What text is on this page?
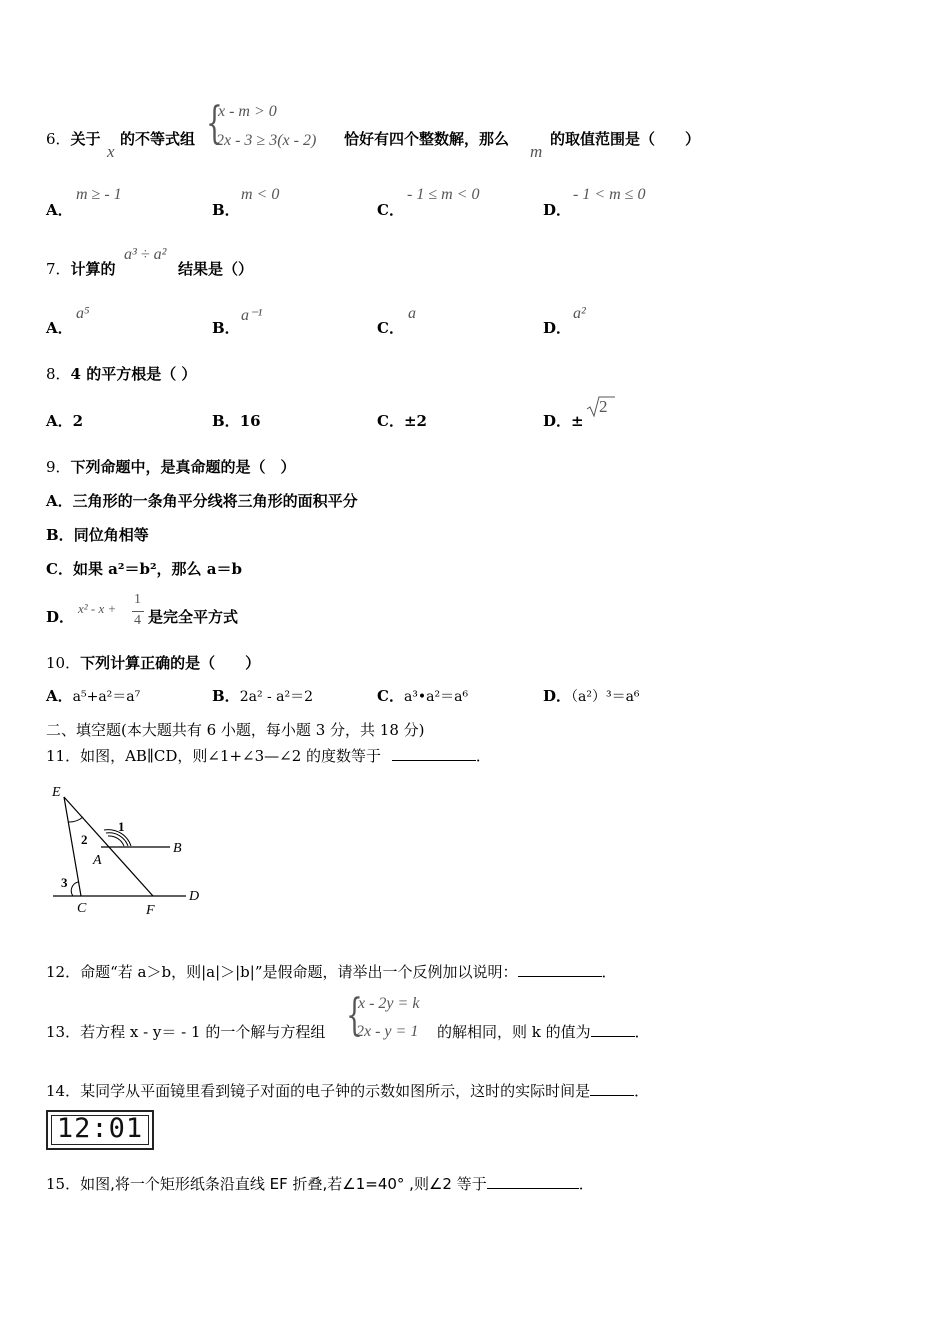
6．关于
x
的不等式组 {
x - m > 0
2x - 3 ≥ 3(x - 2) 恰好有四个整数解，那么
m
的取值范围是（　　）
A．
m ≥ - 1
B．
m < 0
C．
- 1 ≤ m < 0
D．
- 1 < m ≤ 0
7．计算的
a³ ÷ a²
结果是（）
A．
a⁵
B．
a⁻¹
C．
a
D．
a²
8．4 的平方根是（ ）
A．2	B．16	C．±2	D．±
2
9．下列命题中，是真命题的是（　）
A．三角形的一条角平分线将三角形的面积平分
B．同位角相等
C．如果 a²＝b²，那么 a＝b
D． x² - x +
1
4 是完全平方式
10．下列计算正确的是（　　）
A．a⁵+a²＝a⁷	B．2a² - a²＝2	C．a³•a²＝a⁶	D．（a²）³＝a⁶
二、填空题(本大题共有 6 小题，每小题 3 分，共 18 分)
11．如图，AB∥CD，则∠1+∠3—∠2 的度数等于	．
E
2
1
B
A
3
C	F
D
12．命题“若 a＞b，则|a|＞|b|”是假命题，请举出一个反例加以说明：	．
13．若方程 x - y＝ - 1 的一个解与方程组 {
x - 2y = k
2x - y = 1 的解相同，则 k 的值为	．
14．某同学从平面镜里看到镜子对面的电子钟的示数如图所示，这时的实际时间是	．
12:01
15．如图,将一个矩形纸条沿直线 EF 折叠,若∠1=40° ,则∠2 等于	．
